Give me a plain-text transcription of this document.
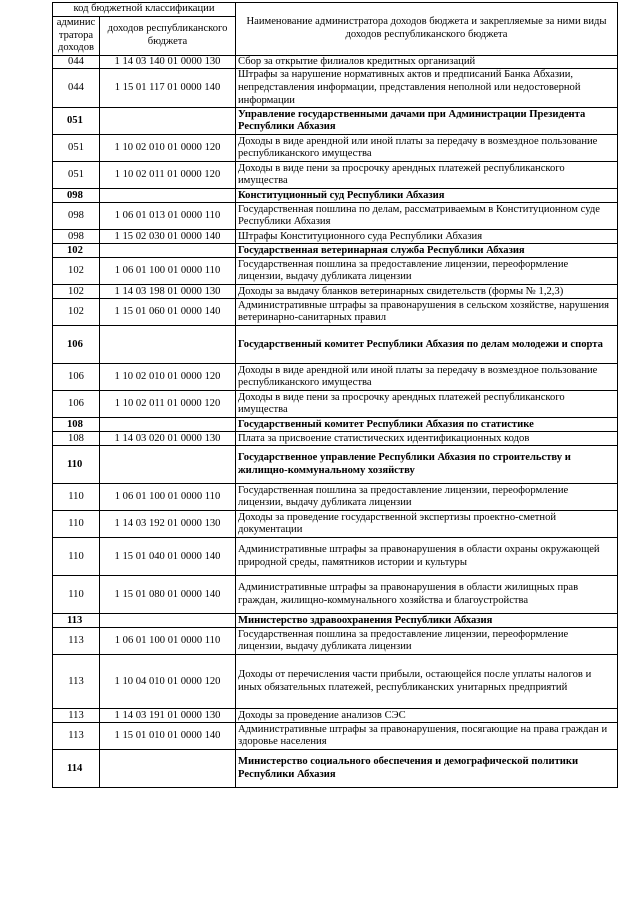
код бюджетной классификации		Наименование администратора доходов бюджета и закрепляемые за ними виды доходов республиканского бюджета
админис тратора доходов	доходов республиканского бюджета	
044	1 14 03 140 01 0000 130	Сбор за открытие филиалов кредитных организаций
044	1 15 01 117 01 0000 140	Штрафы за нарушение нормативных актов и предписаний Банка Абхазии, непредставления информации, представления неполной или недостоверной информации
051		Управление государственными дачами при Администрации Президента Республики Абхазия
051	1 10 02 010 01 0000 120	Доходы в виде арендной или иной платы за передачу в возмездное пользование республиканского имущества
051	1 10 02 011 01 0000 120	Доходы в виде пени за просрочку арендных платежей республиканского имущества
098		Конституционный суд Республики Абхазия
098	1 06 01 013 01 0000 110	Государственная пошлина по делам, рассматриваемым в Конституционном суде Республики Абхазия
098	1 15 02 030 01 0000 140	Штрафы Конституционного суда Республики Абхазия
102		Государственная ветеринарная служба Республики Абхазия
102	1 06 01 100 01 0000 110	Государственная пошлина за предоставление лицензии, переоформление лицензии, выдачу дубликата лицензии
102	1 14 03 198 01 0000 130	Доходы за выдачу бланков ветеринарных свидетельств (формы № 1,2,3)
102	1 15 01 060 01 0000 140	Административные штрафы за правонарушения в сельском хозяйстве, нарушения ветеринарно-санитарных правил
106		Государственный комитет Республики Абхазия по делам молодежи и спорта
106	1 10 02 010 01 0000 120	Доходы в виде арендной или иной платы за передачу в возмездное пользование республиканского имущества
106	1 10 02 011 01 0000 120	Доходы в виде пени за просрочку арендных платежей республиканского имущества
108		Государственный комитет Республики Абхазия по статистике
108	1 14 03 020 01 0000 130	Плата за присвоение статистических идентификационных кодов
110		Государственное управление Республики Абхазия по строительству и жилищно-коммунальному хозяйству
110	1 06 01 100 01 0000 110	Государственная пошлина за предоставление лицензии, переоформление лицензии, выдачу дубликата лицензии
110	1 14 03 192 01 0000 130	Доходы за проведение государственной экспертизы проектно-сметной документации
110	1 15 01 040 01 0000 140	Административные штрафы за правонарушения в области охраны окружающей природной среды, памятников истории и культуры
110	1 15 01 080 01 0000 140	Административные штрафы за правонарушения в области жилищных прав граждан, жилищно-коммунального хозяйства и благоустройства
113		Министерство здравоохранения Республики Абхазия
113	1 06 01 100 01 0000 110	Государственная пошлина за предоставление лицензии, переоформление лицензии, выдачу дубликата лицензии
113	1 10 04 010 01 0000 120	Доходы от перечисления части прибыли, остающейся после уплаты налогов и иных обязательных платежей, республиканских унитарных предприятий
113	1 14 03 191 01 0000 130	Доходы за проведение анализов СЭС
113	1 15 01 010 01 0000 140	Административные штрафы за правонарушения, посягающие на права граждан и здоровье населения
114		Министерство социального обеспечения и демографической политики Республики Абхазия
